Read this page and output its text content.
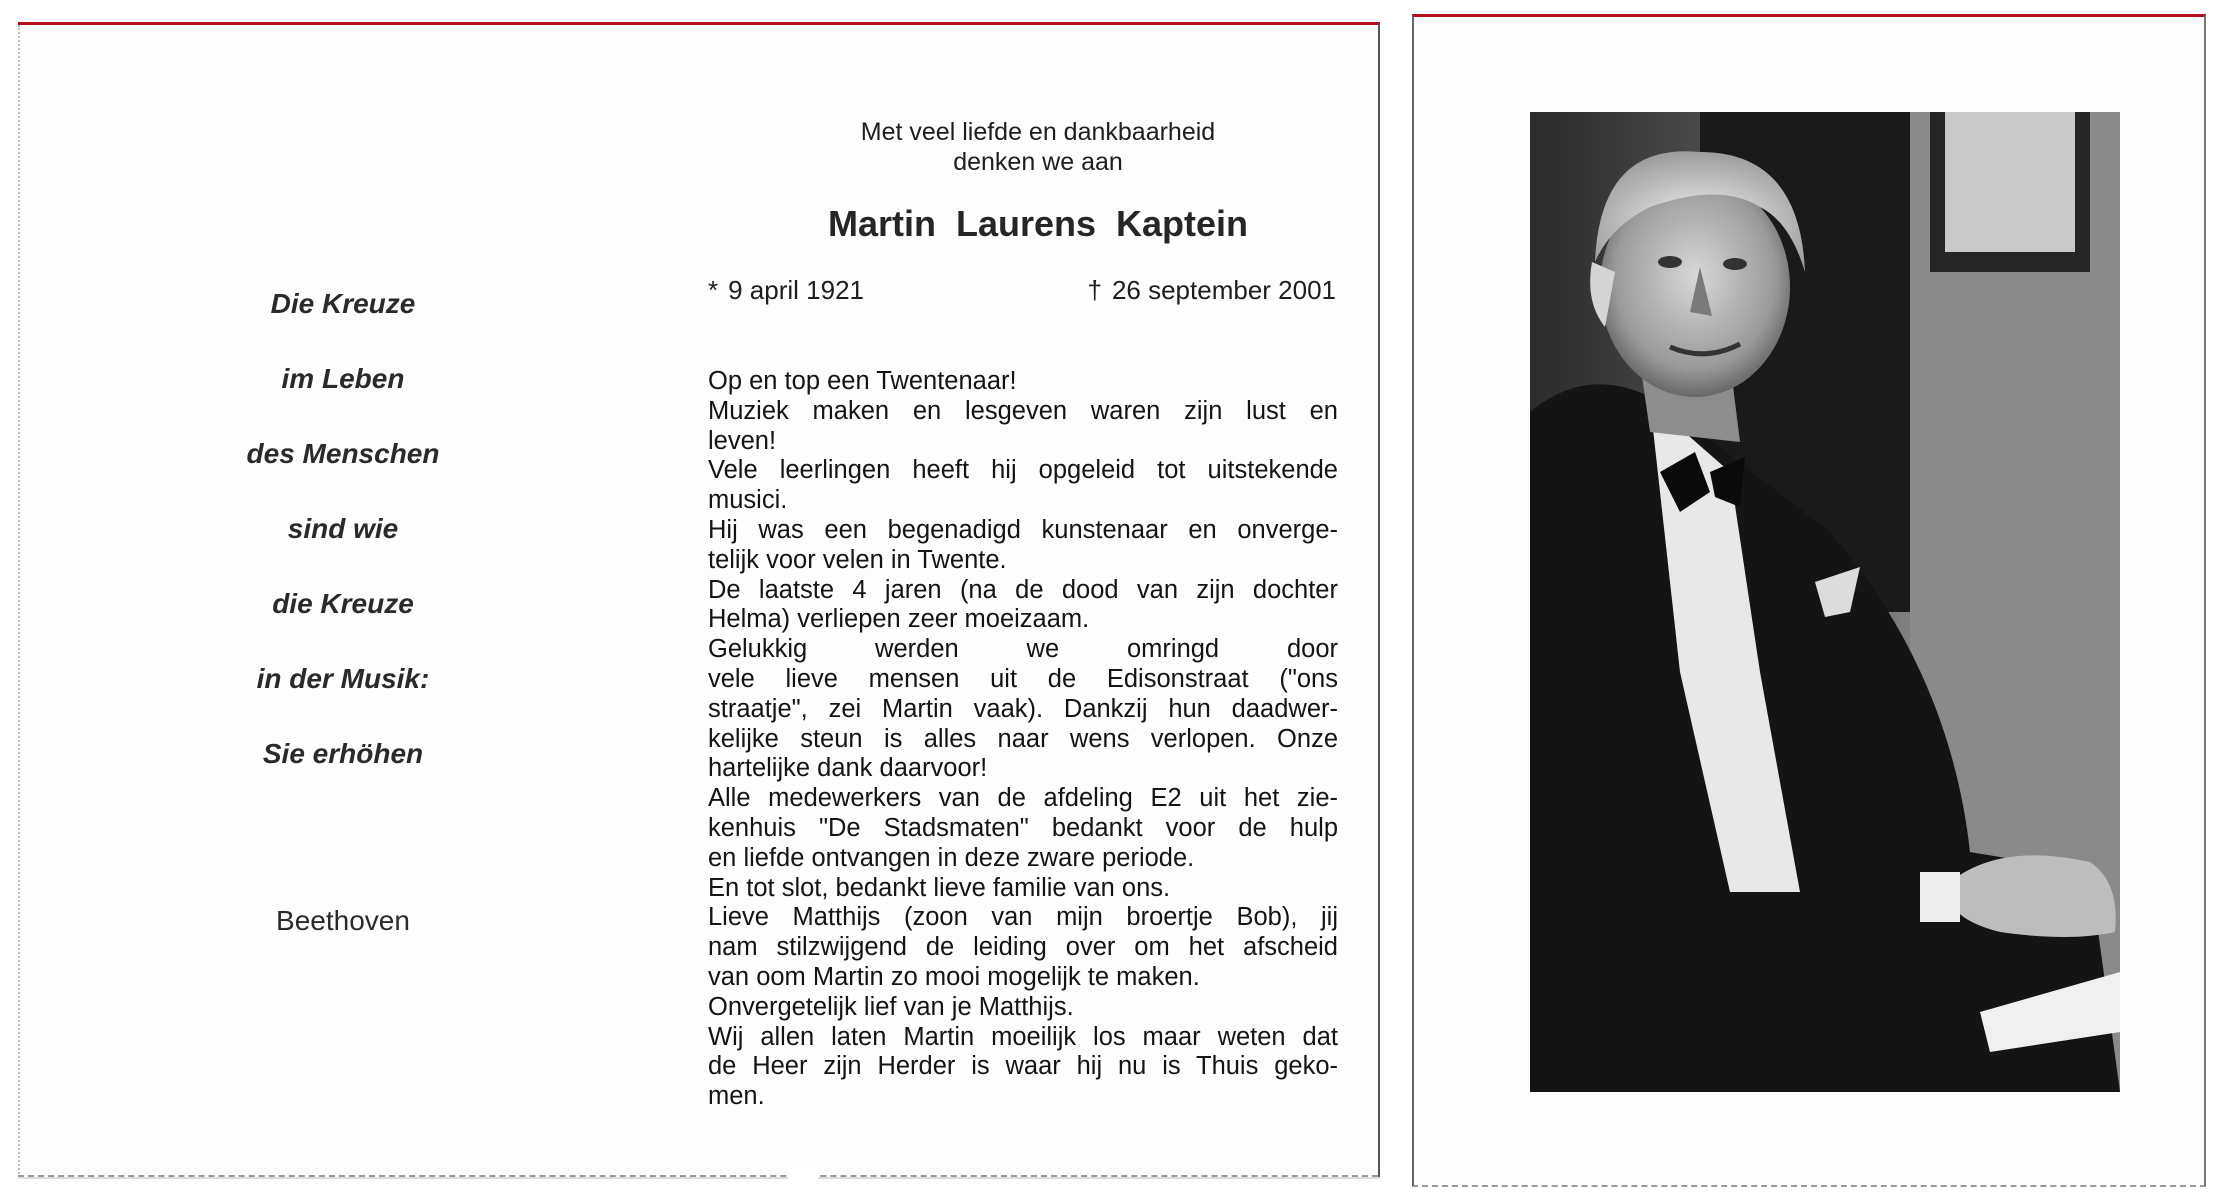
Die Kreuze
im Leben
des Menschen
sind wie
die Kreuze
in der Musik:
Sie erhöhen
Beethoven
Met veel liefde en dankbaarheid
denken we aan
Martin Laurens Kaptein
* 9 april 1921	† 26 september 2001
Op en top een Twentenaar!
Muziek maken en lesgeven waren zijn lust en
leven!
Vele leerlingen heeft hij opgeleid tot uitstekende
musici.
Hij was een begenadigd kunstenaar en onverge-
telijk voor velen in Twente.
De laatste 4 jaren (na de dood van zijn dochter
Helma) verliepen zeer moeizaam.
Gelukkig werden we omringd door
vele lieve mensen uit de Edisonstraat ("ons
straatje", zei Martin vaak). Dankzij hun daadwer-
kelijke steun is alles naar wens verlopen. Onze
hartelijke dank daarvoor!
Alle medewerkers van de afdeling E2 uit het zie-
kenhuis "De Stadsmaten" bedankt voor de hulp
en liefde ontvangen in deze zware periode.
En tot slot, bedankt lieve familie van ons.
Lieve Matthijs (zoon van mijn broertje Bob), jij
nam stilzwijgend de leiding over om het afscheid
van oom Martin zo mooi mogelijk te maken.
Onvergetelijk lief van je Matthijs.
Wij allen laten Martin moeilijk los maar weten dat
de Heer zijn Herder is waar hij nu is Thuis gekо-
men.
